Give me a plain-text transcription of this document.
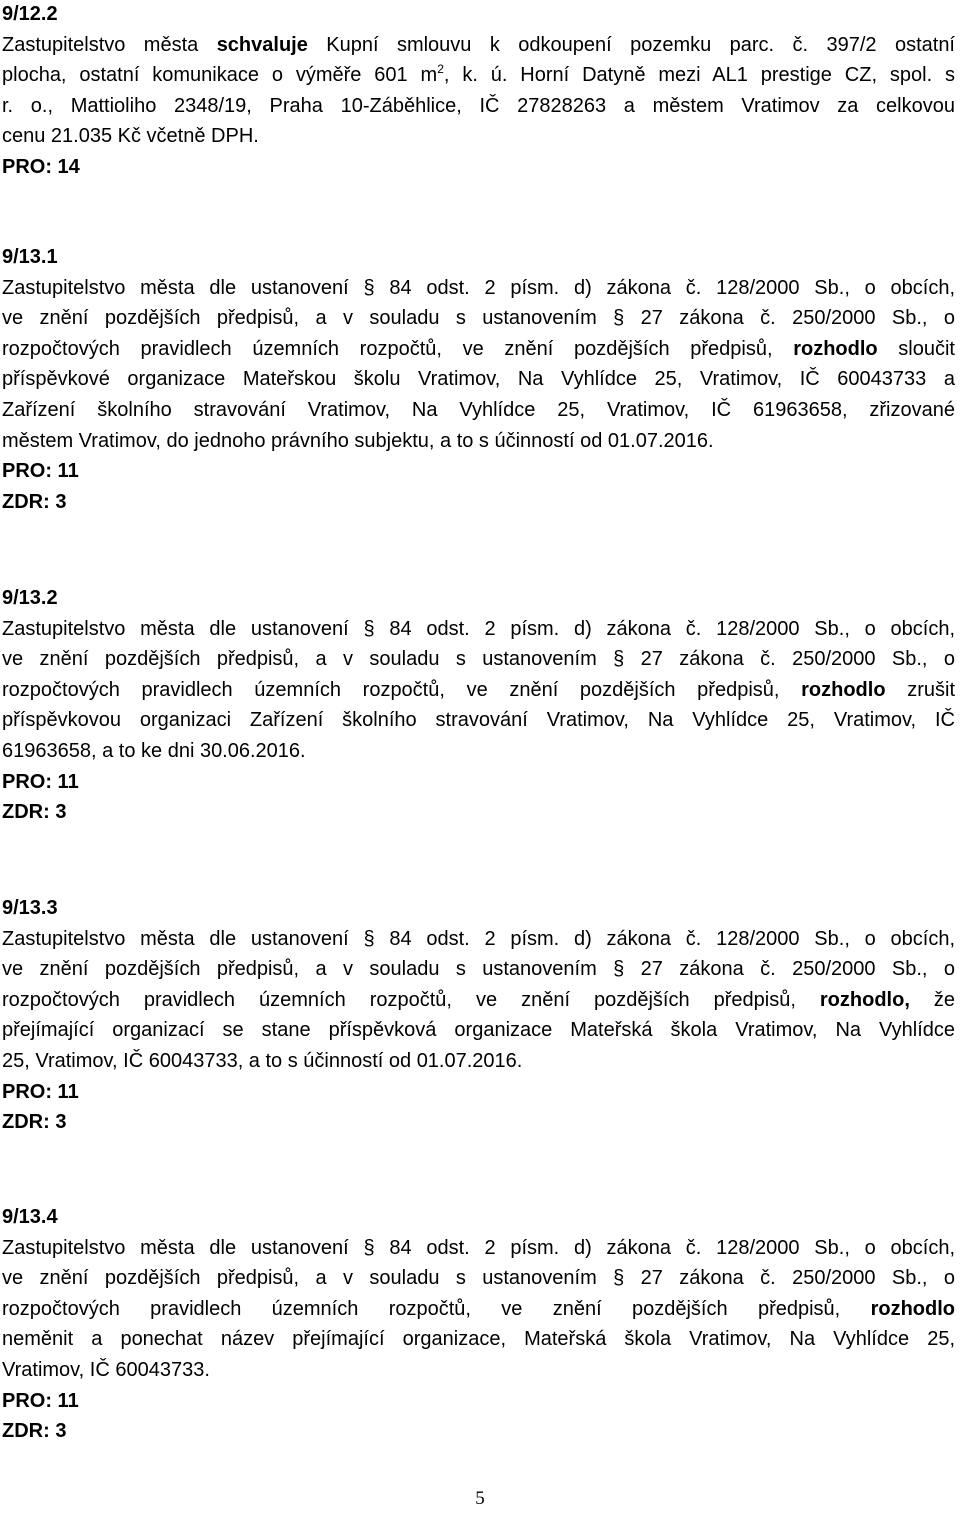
9/12.2
Zastupitelstvo města schvaluje Kupní smlouvu k odkoupení pozemku parc. č. 397/2 ostatní
plocha, ostatní komunikace o výměře 601 $m^2$, k. ú. Horní Datyně mezi AL1 prestige CZ, spol. s
r. o., Mattioliho 2348/19, Praha 10-Záběhlice, IČ 27828263 a městem Vratimov za celkovou
cenu 21.035 Kč včetně DPH.
PRO: 14
9/13.1
Zastupitelstvo města dle ustanovení § 84 odst. 2 písm. d) zákona č. 128/2000 Sb., o obcích,
ve znění pozdějších předpisů, a v souladu s ustanovením § 27 zákona č. 250/2000 Sb., o
rozpočtových pravidlech územních rozpočtů, ve znění pozdějších předpisů, rozhodlo sloučit
příspěvkové organizace Mateřskou školu Vratimov, Na Vyhlídce 25, Vratimov, IČ 60043733 a
Zařízení školního stravování Vratimov, Na Vyhlídce 25, Vratimov, IČ 61963658, zřizované
městem Vratimov, do jednoho právního subjektu, a to s účinností od 01.07.2016.
PRO: 11
ZDR: 3
9/13.2
Zastupitelstvo města dle ustanovení § 84 odst. 2 písm. d) zákona č. 128/2000 Sb., o obcích,
ve znění pozdějších předpisů, a v souladu s ustanovením § 27 zákona č. 250/2000 Sb., o
rozpočtových pravidlech územních rozpočtů, ve znění pozdějších předpisů, rozhodlo zrušit
příspěvkovou organizaci Zařízení školního stravování Vratimov, Na Vyhlídce 25, Vratimov, IČ
61963658, a to ke dni 30.06.2016.
PRO: 11
ZDR: 3
9/13.3
Zastupitelstvo města dle ustanovení § 84 odst. 2 písm. d) zákona č. 128/2000 Sb., o obcích,
ve znění pozdějších předpisů, a v souladu s ustanovením § 27 zákona č. 250/2000 Sb., o
rozpočtových pravidlech územních rozpočtů, ve znění pozdějších předpisů, rozhodlo, že
přejímající organizací se stane příspěvková organizace Mateřská škola Vratimov, Na Vyhlídce
25, Vratimov, IČ 60043733, a to s účinností od 01.07.2016.
PRO: 11
ZDR: 3
9/13.4
Zastupitelstvo města dle ustanovení § 84 odst. 2 písm. d) zákona č. 128/2000 Sb., o obcích,
ve znění pozdějších předpisů, a v souladu s ustanovením § 27 zákona č. 250/2000 Sb., o
rozpočtových pravidlech územních rozpočtů, ve znění pozdějších předpisů, rozhodlo
neměnit a ponechat název přejímající organizace, Mateřská škola Vratimov, Na Vyhlídce 25,
Vratimov, IČ 60043733.
PRO: 11
ZDR: 3
5
